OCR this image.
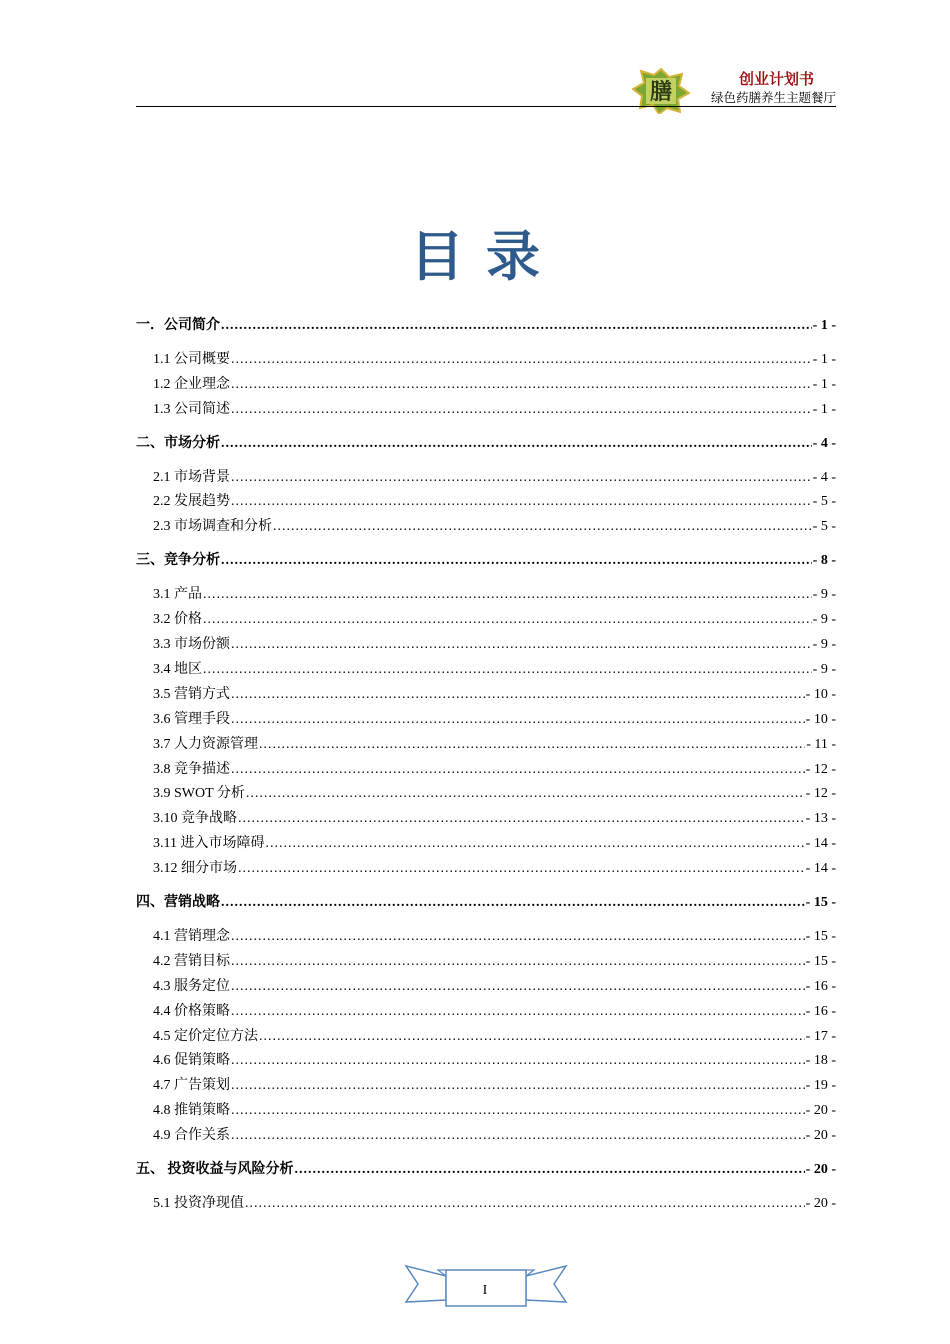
膳	创业计划书
绿色药膳养生主题餐厅
目录
一．公司简介 .....	- 1 -
1.1 公司概要 .....	- 1 -
1.2 企业理念 .....	- 1 -
1.3 公司简述 .....	- 1 -
二、市场分析 .....	- 4 -
2.1 市场背景 .....	- 4 -
2.2 发展趋势 .....	- 5 -
2.3 市场调查和分析 .....	- 5 -
三、竞争分析 .....	- 8 -
3.1 产品 .....	- 9 -
3.2 价格 .....	- 9 -
3.3 市场份额 .....	- 9 -
3.4 地区 .....	- 9 -
3.5 营销方式 .....	- 10 -
3.6 管理手段 .....	- 10 -
3.7 人力资源管理 .....	- 11 -
3.8 竞争描述 .....	- 12 -
3.9 SWOT 分析 .....	- 12 -
3.10 竞争战略 .....	- 13 -
3.11 进入市场障碍 .....	- 14 -
3.12 细分市场 .....	- 14 -
四、营销战略 .....	- 15 -
4.1 营销理念 .....	- 15 -
4.2 营销目标 .....	- 15 -
4.3 服务定位 .....	- 16 -
4.4 价格策略 .....	- 16 -
4.5 定价定位方法 .....	- 17 -
4.6 促销策略 .....	- 18 -
4.7 广告策划 .....	- 19 -
4.8 推销策略 .....	- 20 -
4.9 合作关系 .....	- 20 -
五、 投资收益与风险分析 .....	- 20 -
5.1 投资净现值 .....	- 20 -
I
